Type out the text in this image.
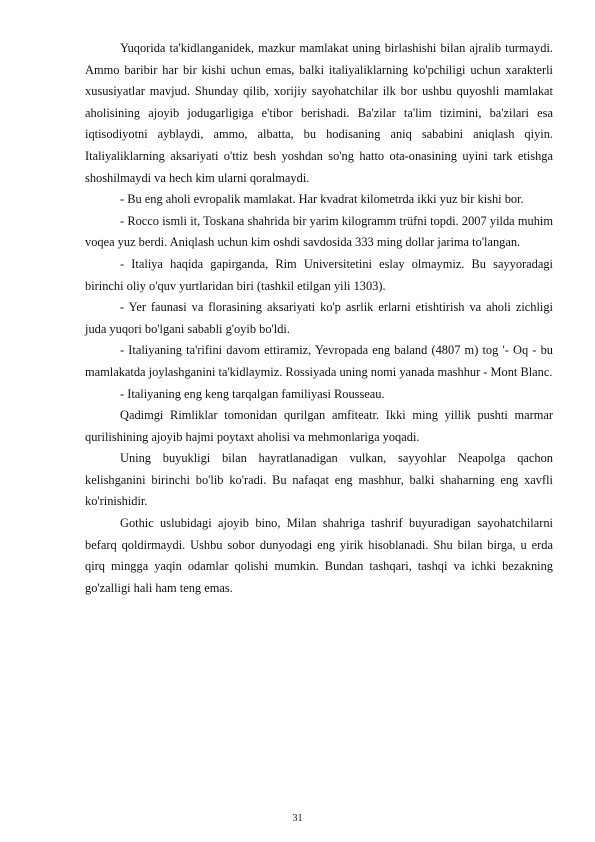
Yuqorida ta'kidlanganidek, mazkur mamlakat uning birlashishi bilan ajralib turmaydi. Ammo baribir har bir kishi uchun emas, balki italiyaliklarning ko'pchiligi uchun xarakterli xususiyatlar mavjud. Shunday qilib, xorijiy sayohatchilar ilk bor ushbu quyoshli mamlakat aholisining ajoyib jodugarligiga e'tibor berishadi. Ba'zilar ta'lim tizimini, ba'zilari esa iqtisodiyotni ayblaydi, ammo, albatta, bu hodisaning aniq sababini aniqlash qiyin. Italiyaliklarning aksariyati o'ttiz besh yoshdan so'ng hatto ota-onasining uyini tark etishga shoshilmaydi va hech kim ularni qoralmaydi.

- Bu eng aholi evropalik mamlakat. Har kvadrat kilometrda ikki yuz bir kishi bor.

- Rocco ismli it, Toskana shahrida bir yarim kilogramm trüfni topdi. 2007 yilda muhim voqea yuz berdi. Aniqlash uchun kim oshdi savdosida 333 ming dollar jarima to'langan.

- Italiya haqida gapirganda, Rim Universitetini eslay olmaymiz. Bu sayyoradagi birinchi oliy o'quv yurtlaridan biri (tashkil etilgan yili 1303).

- Yer faunasi va florasining aksariyati ko'p asrlik erlarni etishtirish va aholi zichligi juda yuqori bo'lgani sababli g'oyib bo'ldi.

- Italiyaning ta'rifini davom ettiramiz, Yevropada eng baland (4807 m) tog '- Oq - bu mamlakatda joylashganini ta'kidlaymiz. Rossiyada uning nomi yanada mashhur - Mont Blanc.

- Italiyaning eng keng tarqalgan familiyasi Rousseau.

Qadimgi Rimliklar tomonidan qurilgan amfiteatr. Ikki ming yillik pushti marmar qurilishining ajoyib hajmi poytaxt aholisi va mehmonlariga yoqadi.

Uning buyukligi bilan hayratlanadigan vulkan, sayyohlar Neapolga qachon kelishganini birinchi bo'lib ko'radi. Bu nafaqat eng mashhur, balki shaharning eng xavfli ko'rinishidir.

Gothic uslubidagi ajoyib bino, Milan shahriga tashrif buyuradigan sayohatchilarni befarq qoldirmaydi. Ushbu sobor dunyodagi eng yirik hisoblanadi. Shu bilan birga, u erda qirq mingga yaqin odamlar qolishi mumkin. Bundan tashqari, tashqi va ichki bezakning go'zalligi hali ham teng emas.

31
